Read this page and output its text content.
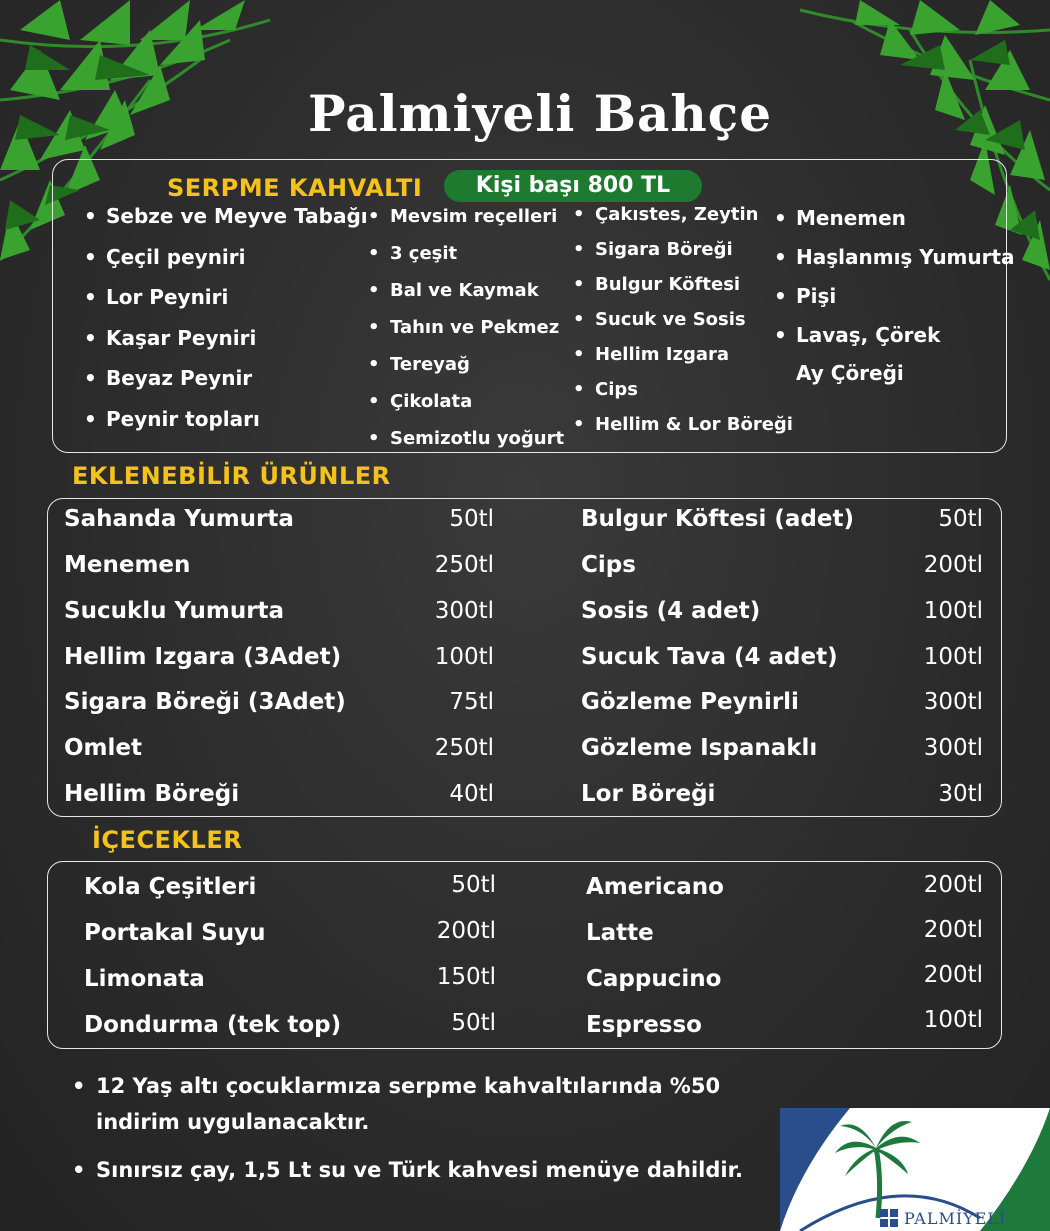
Palmiyeli Bahçe
SERPME KAHVALTI	Kişi başı 800 TL
• Sebze ve Meyve Tabağı
• Çeçil peyniri
• Lor Peyniri
• Kaşar Peyniri
• Beyaz Peynir
• Peynir topları
• Mevsim reçelleri
• 3 çeşit
• Bal ve Kaymak
• Tahın ve Pekmez
• Tereyağ
• Çikolata
• Semizotlu yoğurt
• Çakıstes, Zeytin
• Sigara Böreği
• Bulgur Köftesi
• Sucuk ve Sosis
• Hellim Izgara
• Cips
• Hellim & Lor Böreği
• Menemen
• Haşlanmış Yumurta
• Pişi
• Lavaş, Çörek
Ay Çöreği
EKLENEBİLİR ÜRÜNLER
Sahanda Yumurta	50tl
Menemen	250tl
Sucuklu Yumurta	300tl
Hellim Izgara (3Adet)	100tl
Sigara Böreği (3Adet)	75tl
Omlet	250tl
Hellim Böreği	40tl
Bulgur Köftesi (adet)	50tl
Cips	200tl
Sosis (4 adet)	100tl
Sucuk Tava (4 adet)	100tl
Gözleme Peynirli	300tl
Gözleme Ispanaklı	300tl
Lor Böreği	30tl
İÇECEKLER
Kola Çeşitleri	50tl
Portakal Suyu	200tl
Limonata	150tl
Dondurma (tek top)	50tl
Americano	200tl
Latte	200tl
Cappucino	200tl
Espresso	100tl
• 12 Yaş altı çocuklarmıza serpme kahvaltılarında %50 indirim uygulanacaktır.
• Sınırsız çay, 1,5 Lt su ve Türk kahvesi menüye dahildir.
PALMİYELİ
